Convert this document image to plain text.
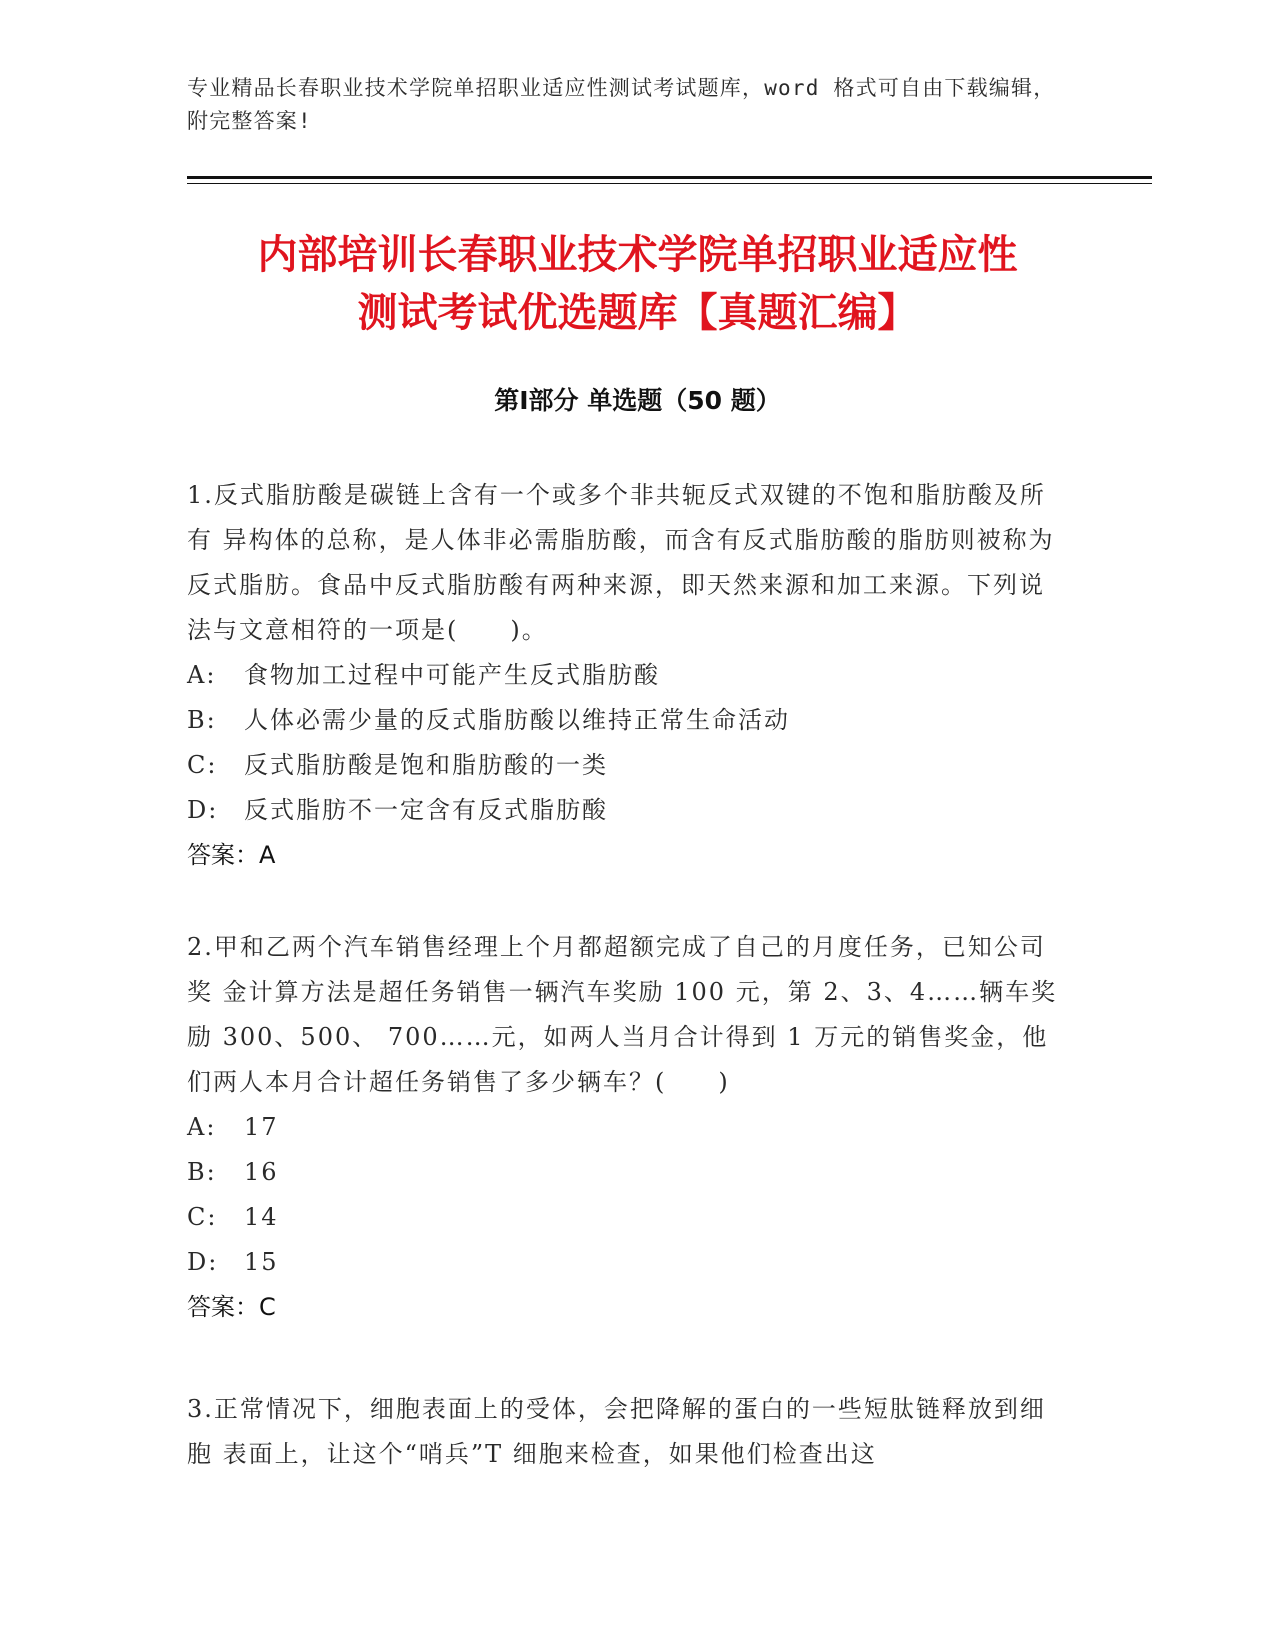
专业精品长春职业技术学院单招职业适应性测试考试题库，word 格式可自由下载编辑，附完整答案!
内部培训长春职业技术学院单招职业适应性
测试考试优选题库【真题汇编】
第Ⅰ部分 单选题（50 题）

1.反式脂肪酸是碳链上含有一个或多个非共轭反式双键的不饱和脂肪酸及所有 异构体的总称，是人体非必需脂肪酸，而含有反式脂肪酸的脂肪则被称为反式脂肪。食品中反式脂肪酸有两种来源，即天然来源和加工来源。下列说法与文意相符的一项是(　　)。

A: 食物加工过程中可能产生反式脂肪酸
B: 人体必需少量的反式脂肪酸以维持正常生命活动
C: 反式脂肪酸是饱和脂肪酸的一类
D: 反式脂肪不一定含有反式脂肪酸
答案：A

2.甲和乙两个汽车销售经理上个月都超额完成了自己的月度任务，已知公司奖 金计算方法是超任务销售一辆汽车奖励 100 元，第 2、3、4……辆车奖励 300、500、 700……元，如两人当月合计得到 1 万元的销售奖金，他们两人本月合计超任务销售了多少辆车？(　　)

A: 17
B: 16
C: 14
D: 15
答案：C

3.正常情况下，细胞表面上的受体，会把降解的蛋白的一些短肽链释放到细胞 表面上，让这个“哨兵”T 细胞来检查，如果他们检查出这
